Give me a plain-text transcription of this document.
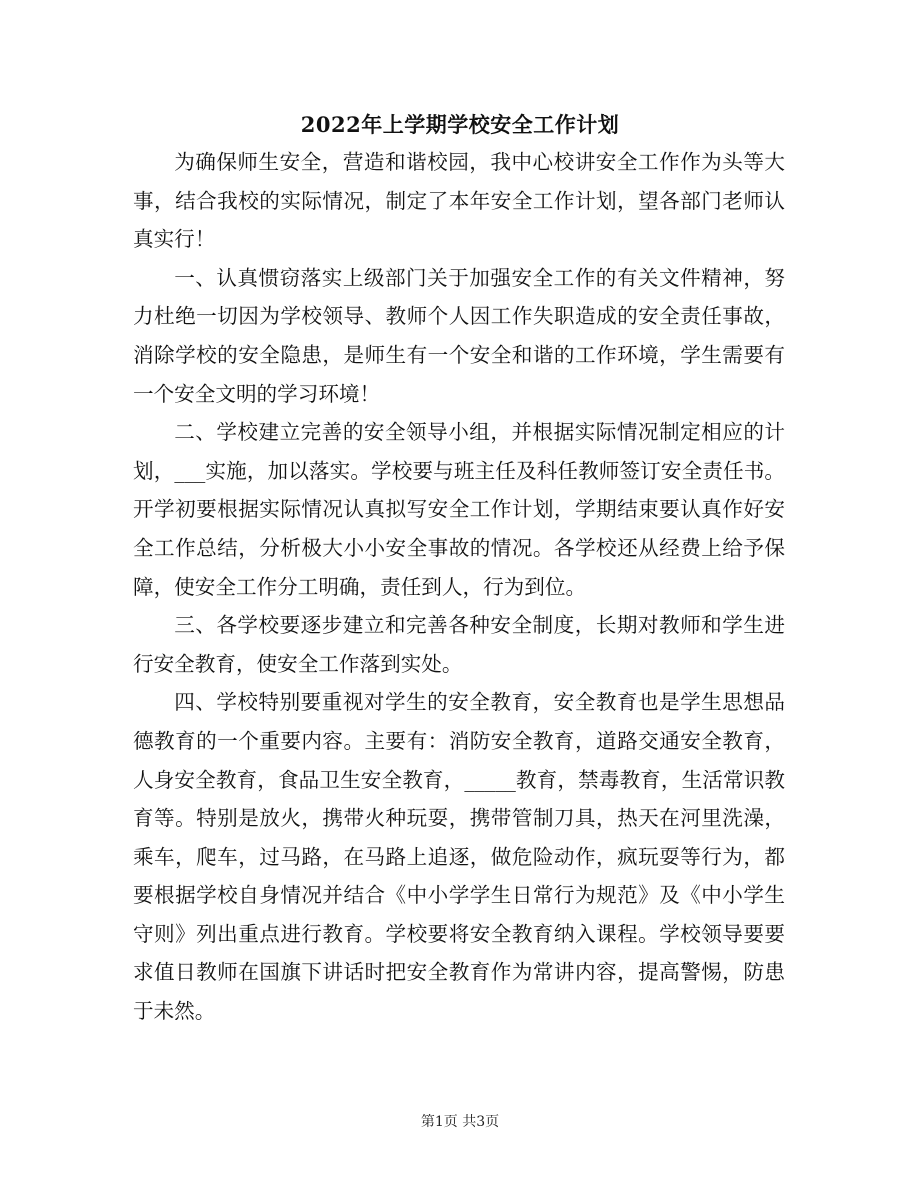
2022年上学期学校安全工作计划

为确保师生安全，营造和谐校园，我中心校讲安全工作作为头等大事，结合我校的实际情况，制定了本年安全工作计划，望各部门老师认真实行！

一、认真惯窃落实上级部门关于加强安全工作的有关文件精神，努力杜绝一切因为学校领导、教师个人因工作失职造成的安全责任事故，消除学校的安全隐患，是师生有一个安全和谐的工作环境，学生需要有一个安全文明的学习环境！

二、学校建立完善的安全领导小组，并根据实际情况制定相应的计划，___实施，加以落实。学校要与班主任及科任教师签订安全责任书。开学初要根据实际情况认真拟写安全工作计划，学期结束要认真作好安全工作总结，分析极大小小安全事故的情况。各学校还从经费上给予保障，使安全工作分工明确，责任到人，行为到位。

三、各学校要逐步建立和完善各种安全制度，长期对教师和学生进行安全教育，使安全工作落到实处。

四、学校特别要重视对学生的安全教育，安全教育也是学生思想品德教育的一个重要内容。主要有：消防安全教育，道路交通安全教育，人身安全教育，食品卫生安全教育，_____教育，禁毒教育，生活常识教育等。特别是放火，携带火种玩耍，携带管制刀具，热天在河里洗澡，乘车，爬车，过马路，在马路上追逐，做危险动作，疯玩耍等行为，都要根据学校自身情况并结合《中小学学生日常行为规范》及《中小学生守则》列出重点进行教育。学校要将安全教育纳入课程。学校领导要要求值日教师在国旗下讲话时把安全教育作为常讲内容，提高警惕，防患于未然。

第1页 共3页
